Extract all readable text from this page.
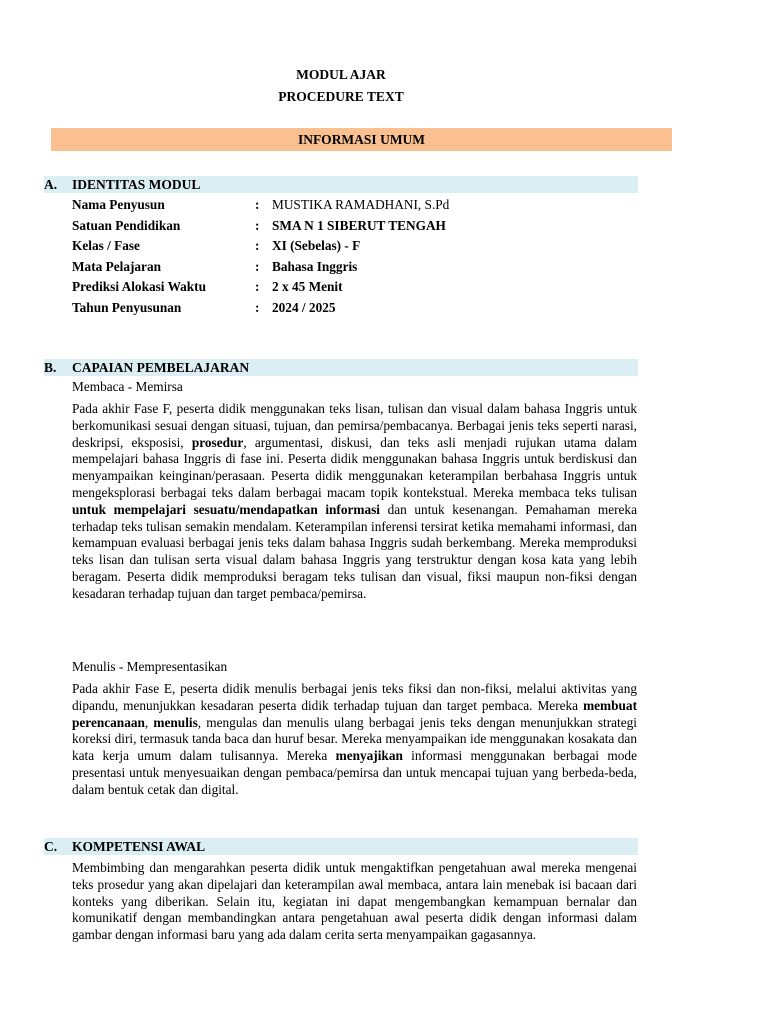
MODUL AJAR
PROCEDURE TEXT
INFORMASI UMUM
A. IDENTITAS MODUL
Nama Penyusun	: MUSTIKA RAMADHANI, S.Pd
Satuan Pendidikan	: SMA N 1 SIBERUT TENGAH
Kelas / Fase	: XI (Sebelas) - F
Mata Pelajaran	: Bahasa Inggris
Prediksi Alokasi Waktu	: 2 x 45 Menit
Tahun Penyusunan	: 2024 / 2025
B. CAPAIAN PEMBELAJARAN
Membaca - Memirsa

Pada akhir Fase F, peserta didik menggunakan teks lisan, tulisan dan visual dalam bahasa Inggris untuk berkomunikasi sesuai dengan situasi, tujuan, dan pemirsa/pembacanya. Berbagai jenis teks seperti narasi, deskripsi, eksposisi, prosedur, argumentasi, diskusi, dan teks asli menjadi rujukan utama dalam mempelajari bahasa Inggris di fase ini. Peserta didik menggunakan bahasa Inggris untuk berdiskusi dan menyampaikan keinginan/perasaan. Peserta didik menggunakan keterampilan berbahasa Inggris untuk mengeksplorasi berbagai teks dalam berbagai macam topik kontekstual. Mereka membaca teks tulisan untuk mempelajari sesuatu/mendapatkan informasi dan untuk kesenangan. Pemahaman mereka terhadap teks tulisan semakin mendalam. Keterampilan inferensi tersirat ketika memahami informasi, dan kemampuan evaluasi berbagai jenis teks dalam bahasa Inggris sudah berkembang. Mereka memproduksi teks lisan dan tulisan serta visual dalam bahasa Inggris yang terstruktur dengan kosa kata yang lebih beragam. Peserta didik memproduksi beragam teks tulisan dan visual, fiksi maupun non-fiksi dengan kesadaran terhadap tujuan dan target pembaca/pemirsa.

Menulis - Mempresentasikan

Pada akhir Fase E, peserta didik menulis berbagai jenis teks fiksi dan non-fiksi, melalui aktivitas yang dipandu, menunjukkan kesadaran peserta didik terhadap tujuan dan target pembaca. Mereka membuat perencanaan, menulis, mengulas dan menulis ulang berbagai jenis teks dengan menunjukkan strategi koreksi diri, termasuk tanda baca dan huruf besar. Mereka menyampaikan ide menggunakan kosakata dan kata kerja umum dalam tulisannya. Mereka menyajikan informasi menggunakan berbagai mode presentasi untuk menyesuaikan dengan pembaca/pemirsa dan untuk mencapai tujuan yang berbeda-beda, dalam bentuk cetak dan digital.

C. KOMPETENSI AWAL

Membimbing dan mengarahkan peserta didik untuk mengaktifkan pengetahuan awal mereka mengenai teks prosedur yang akan dipelajari dan keterampilan awal membaca, antara lain menebak isi bacaan dari konteks yang diberikan. Selain itu, kegiatan ini dapat mengembangkan kemampuan bernalar dan komunikatif dengan membandingkan antara pengetahuan awal peserta didik dengan informasi dalam gambar dengan informasi baru yang ada dalam cerita serta menyampaikan gagasannya.
